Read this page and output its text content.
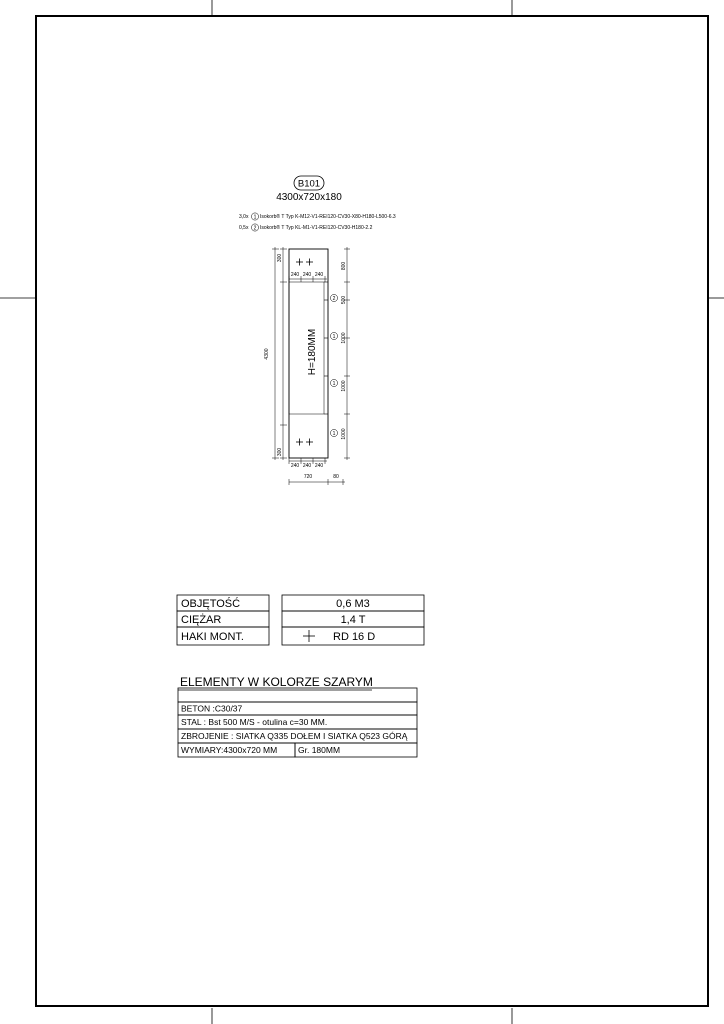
B101
4300x720x180
3,0x 1 Isokorb® T Typ K-M12-V1-REI120-CV30-X80-H180-L500-6.3
0,5x 2 Isokorb® T Typ KL-M1-V1-REI120-CV30-H180-2.2
H=180MM
2
1
1
1
300
4300
300
240 240 240
240 240 240
720	80
800
500
1000
1000
1000
OBJĘTOŚĆ
CIĘŻAR
HAKI MONT.
0,6 M3
1,4 T
RD 16 D
ELEMENTY W KOLORZE SZARYM
BETON :C30/37
STAL : Bst 500 M/S - otulina c=30 MM.
ZBROJENIE : SIATKA Q335 DOŁEM I SIATKA Q523 GÓRĄ
WYMIARY:4300x720 MM Gr. 180MM
